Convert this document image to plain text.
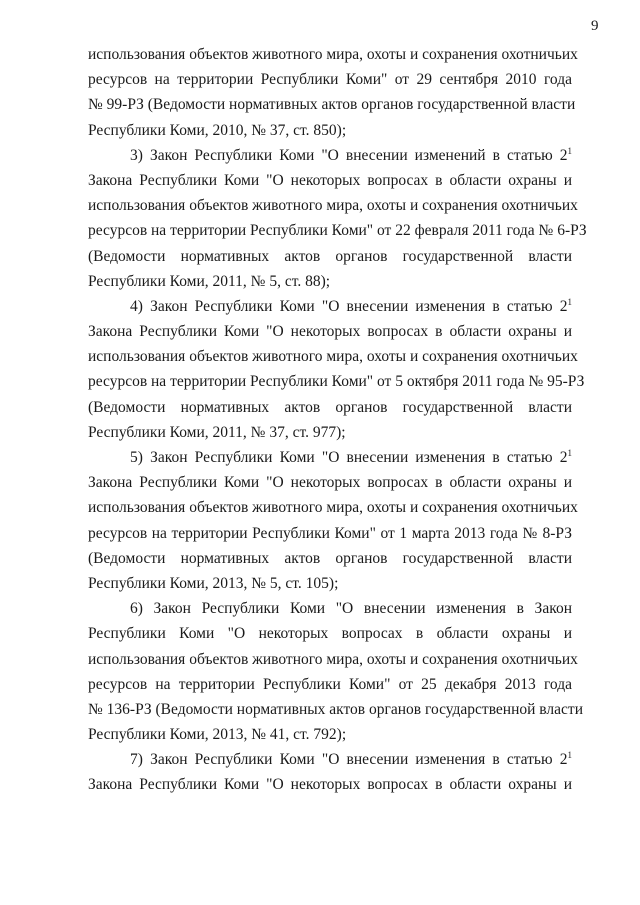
9
использования объектов животного мира, охоты и сохранения охотничьих
ресурсов на территории Республики Коми" от 29 сентября 2010 года
№ 99-РЗ (Ведомости нормативных актов органов государственной власти
Республики Коми, 2010, № 37, ст. 850);
3) Закон Республики Коми "О внесении изменений в статью $2^1$
Закона Республики Коми "О некоторых вопросах в области охраны и
использования объектов животного мира, охоты и сохранения охотничьих
ресурсов на территории Республики Коми" от 22 февраля 2011 года № 6-РЗ
(Ведомости нормативных актов органов государственной власти
Республики Коми, 2011, № 5, ст. 88);
4) Закон Республики Коми "О внесении изменения в статью $2^1$
Закона Республики Коми "О некоторых вопросах в области охраны и
использования объектов животного мира, охоты и сохранения охотничьих
ресурсов на территории Республики Коми" от 5 октября 2011 года № 95-РЗ
(Ведомости нормативных актов органов государственной власти
Республики Коми, 2011, № 37, ст. 977);
5) Закон Республики Коми "О внесении изменения в статью $2^1$
Закона Республики Коми "О некоторых вопросах в области охраны и
использования объектов животного мира, охоты и сохранения охотничьих
ресурсов на территории Республики Коми" от 1 марта 2013 года № 8-РЗ
(Ведомости нормативных актов органов государственной власти
Республики Коми, 2013, № 5, ст. 105);
6) Закон Республики Коми "О внесении изменения в Закон
Республики Коми "О некоторых вопросах в области охраны и
использования объектов животного мира, охоты и сохранения охотничьих
ресурсов на территории Республики Коми" от 25 декабря 2013 года
№ 136-РЗ (Ведомости нормативных актов органов государственной власти
Республики Коми, 2013, № 41, ст. 792);
7) Закон Республики Коми "О внесении изменения в статью $2^1$
Закона Республики Коми "О некоторых вопросах в области охраны и
